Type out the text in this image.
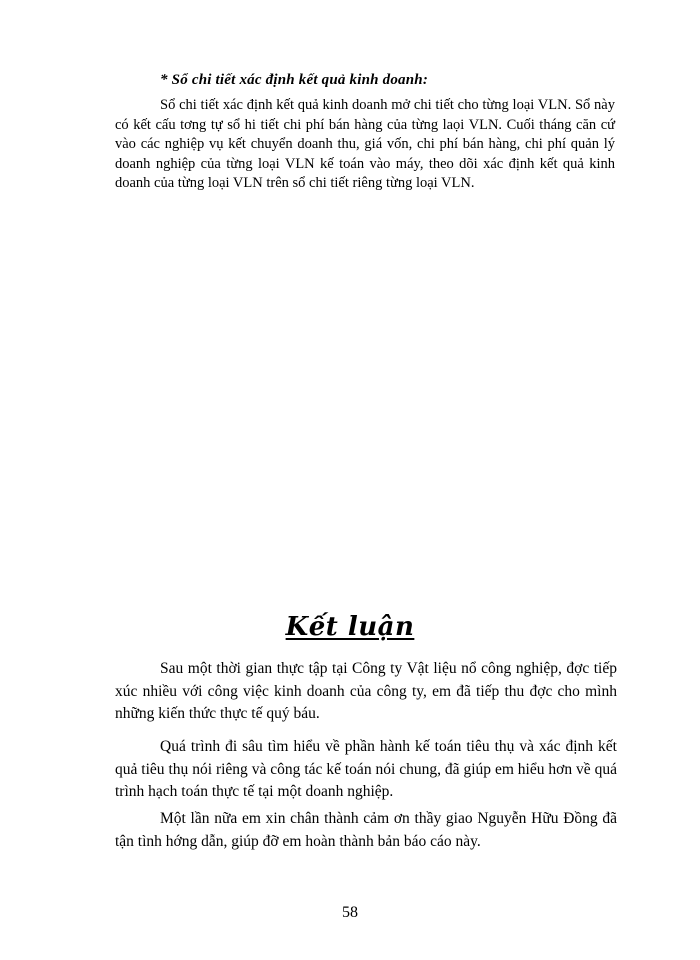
* Sổ chi tiết xác định kết quả kinh doanh:

Sổ chi tiết xác định kết quả kinh doanh mở chi tiết cho từng loại VLN. Sổ này có kết cấu tơng tự sổ hi tiết chi phí bán hàng của từng laọi VLN. Cuối tháng căn cứ vào các nghiệp vụ kết chuyển doanh thu, giá vốn, chi phí bán hàng, chi phí quản lý doanh nghiệp của từng loại VLN kế toán vào máy, theo dõi xác định kết quả kinh doanh của từng loại VLN trên sổ chi tiết riêng từng loại VLN.

Kết luận

Sau một thời gian thực tập tại Công ty Vật liệu nổ công nghiệp, đợc tiếp xúc nhiều với công việc kinh doanh của công ty, em đã tiếp thu đợc cho mình những kiến thức thực tế quý báu.

Quá trình đi sâu tìm hiểu về phần hành kế toán tiêu thụ và xác định kết quả tiêu thụ nói riêng và công tác kế toán nói chung, đã giúp em hiểu hơn về quá trình hạch toán thực tế tại một doanh nghiệp.

Một lần nữa em xin chân thành cảm ơn thầy giao Nguyễn Hữu Đồng đã tận tình hớng dẫn, giúp đỡ em hoàn thành bản báo cáo này.

58
